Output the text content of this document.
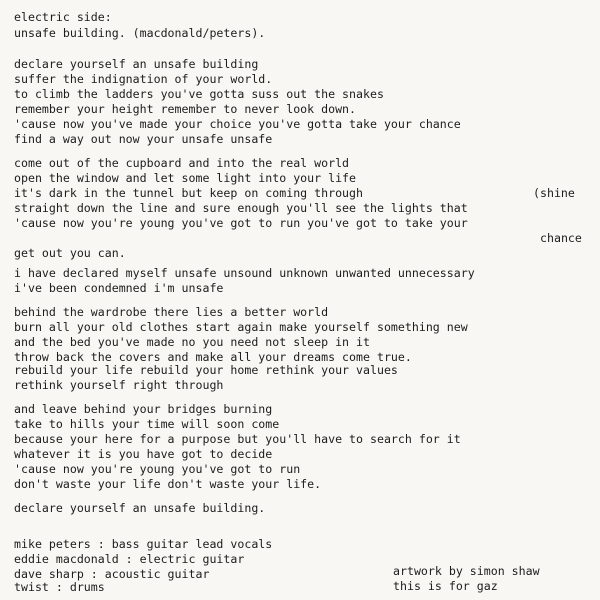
electric side:
unsafe building. (macdonald/peters).
declare yourself an unsafe building
suffer the indignation of your world.
to climb the ladders you've gotta suss out the snakes
remember your height remember to never look down.
'cause now you've made your choice you've gotta take your chance
find a way out now your unsafe unsafe
come out of the cupboard and into the real world
open the window and let some light into your life
it's dark in the tunnel but keep on coming through	(shine
straight down the line and sure enough you'll see the lights that
'cause now you're young you've got to run you've got to take your
chance
get out you can.
i have declared myself unsafe unsound unknown unwanted unnecessary
i've been condemned i'm unsafe
behind the wardrobe there lies a better world
burn all your old clothes start again make yourself something new
and the bed you've made no you need not sleep in it
throw back the covers and make all your dreams come true.
rebuild your life rebuild your home rethink your values
rethink yourself right through
and leave behind your bridges burning
take to hills your time will soon come
because your here for a purpose but you'll have to search for it
whatever it is you have got to decide
'cause now you're young you've got to run
don't waste your life don't waste your life.
declare yourself an unsafe building.
mike peters : bass guitar lead vocals
eddie macdonald : electric guitar
dave sharp : acoustic guitar
twist : drums
artwork by simon shaw
this is for gaz
